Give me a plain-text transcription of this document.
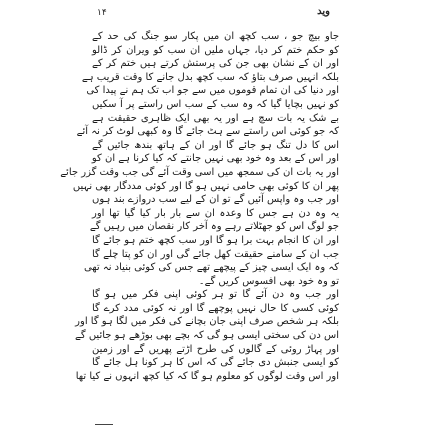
۱۴	وید
جاو بیچ جو ، سب کچھ ان میں پکار سو جنگ کی حد کے
کو حکم ختم کر دیا، جہاں ملیں ان سب کو ویران کر ڈالو
اور ان کے نشان بھی جن کی پرستش کرتے ہیں ختم کر کے
بلکہ انہیں صرف بتاؤ کہ سب کچھ بدل جانے کا وقت قریب ہے
اور دنیا کی ان تمام قوموں میں سے جو اب تک ہم نے پیدا کی
کو نہیں بچایا گیا کہ وہ سب کے سب اس راستے پر آ سکیں
بے شک یہ بات سچ ہے اور یہ بھی ایک ظاہری حقیقت ہے
کہ جو کوئی اس راستے سے ہٹ جائے گا وہ کبھی لوٹ کر نہ آئے
اس کا دل تنگ ہو جائے گا اور ان کے ہاتھ بندھ جائیں گے
اور اس کے بعد وہ خود بھی نہیں جانتے کہ کیا کرنا ہے ان کو
اور یہ بات ان کی سمجھ میں اسی وقت آئے گی جب وقت گزر جائے
پھر ان کا کوئی بھی حامی نہیں ہو گا اور کوئی مددگار بھی نہیں
اور جب وہ واپس آئیں گے تو ان کے لیے سب دروازے بند ہوں
یہ وہ دن ہے جس کا وعدہ ان سے بار بار کیا گیا تھا اور
جو لوگ اس کو جھٹلاتے رہے وہ آخر کار نقصان میں رہیں گے
اور ان کا انجام بہت برا ہو گا اور سب کچھ ختم ہو جائے گا
جب ان کے سامنے حقیقت کھل جائے گی اور ان کو پتا چلے گا
کہ وہ ایک ایسی چیز کے پیچھے تھے جس کی کوئی بنیاد نہ تھی
تو وہ خود بھی افسوس کریں گے۔
اور جب وہ دن آئے گا تو ہر کوئی اپنی فکر میں ہو گا
کوئی کسی کا حال نہیں پوچھے گا اور نہ کوئی مدد کرے گا
بلکہ ہر شخص صرف اپنی جان بچانے کی فکر میں لگا ہو گا اور
اس دن کی سختی ایسی ہو گی کہ بچے بھی بوڑھے ہو جائیں گے
اور پہاڑ روئی کے گالوں کی طرح اڑتے پھریں گے اور زمین
کو ایسی جنبش دی جائے گی کہ اس کا ہر کونا ہل جائے گا
اور اس وقت لوگوں کو معلوم ہو گا کہ کیا کچھ انہوں نے کیا تھا
